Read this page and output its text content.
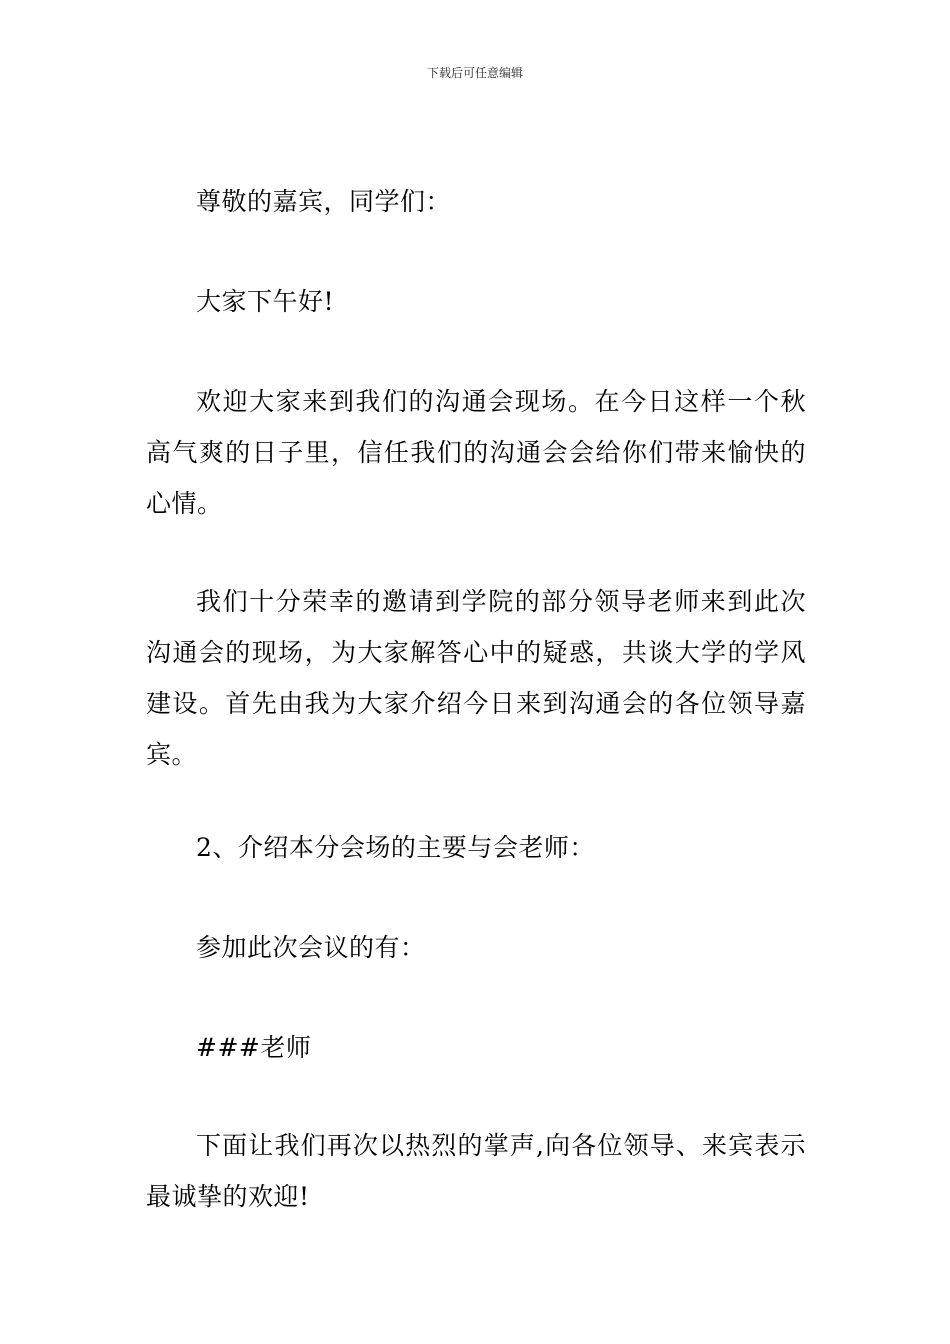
下载后可任意编辑

尊敬的嘉宾，同学们：

大家下午好!

欢迎大家来到我们的沟通会现场。在今日这样一个秋高气爽的日子里，信任我们的沟通会会给你们带来愉快的心情。

我们十分荣幸的邀请到学院的部分领导老师来到此次沟通会的现场，为大家解答心中的疑惑，共谈大学的学风建设。首先由我为大家介绍今日来到沟通会的各位领导嘉宾。

2、介绍本分会场的主要与会老师：

参加此次会议的有：

###老师

下面让我们再次以热烈的掌声,向各位领导、来宾表示最诚挚的欢迎!
